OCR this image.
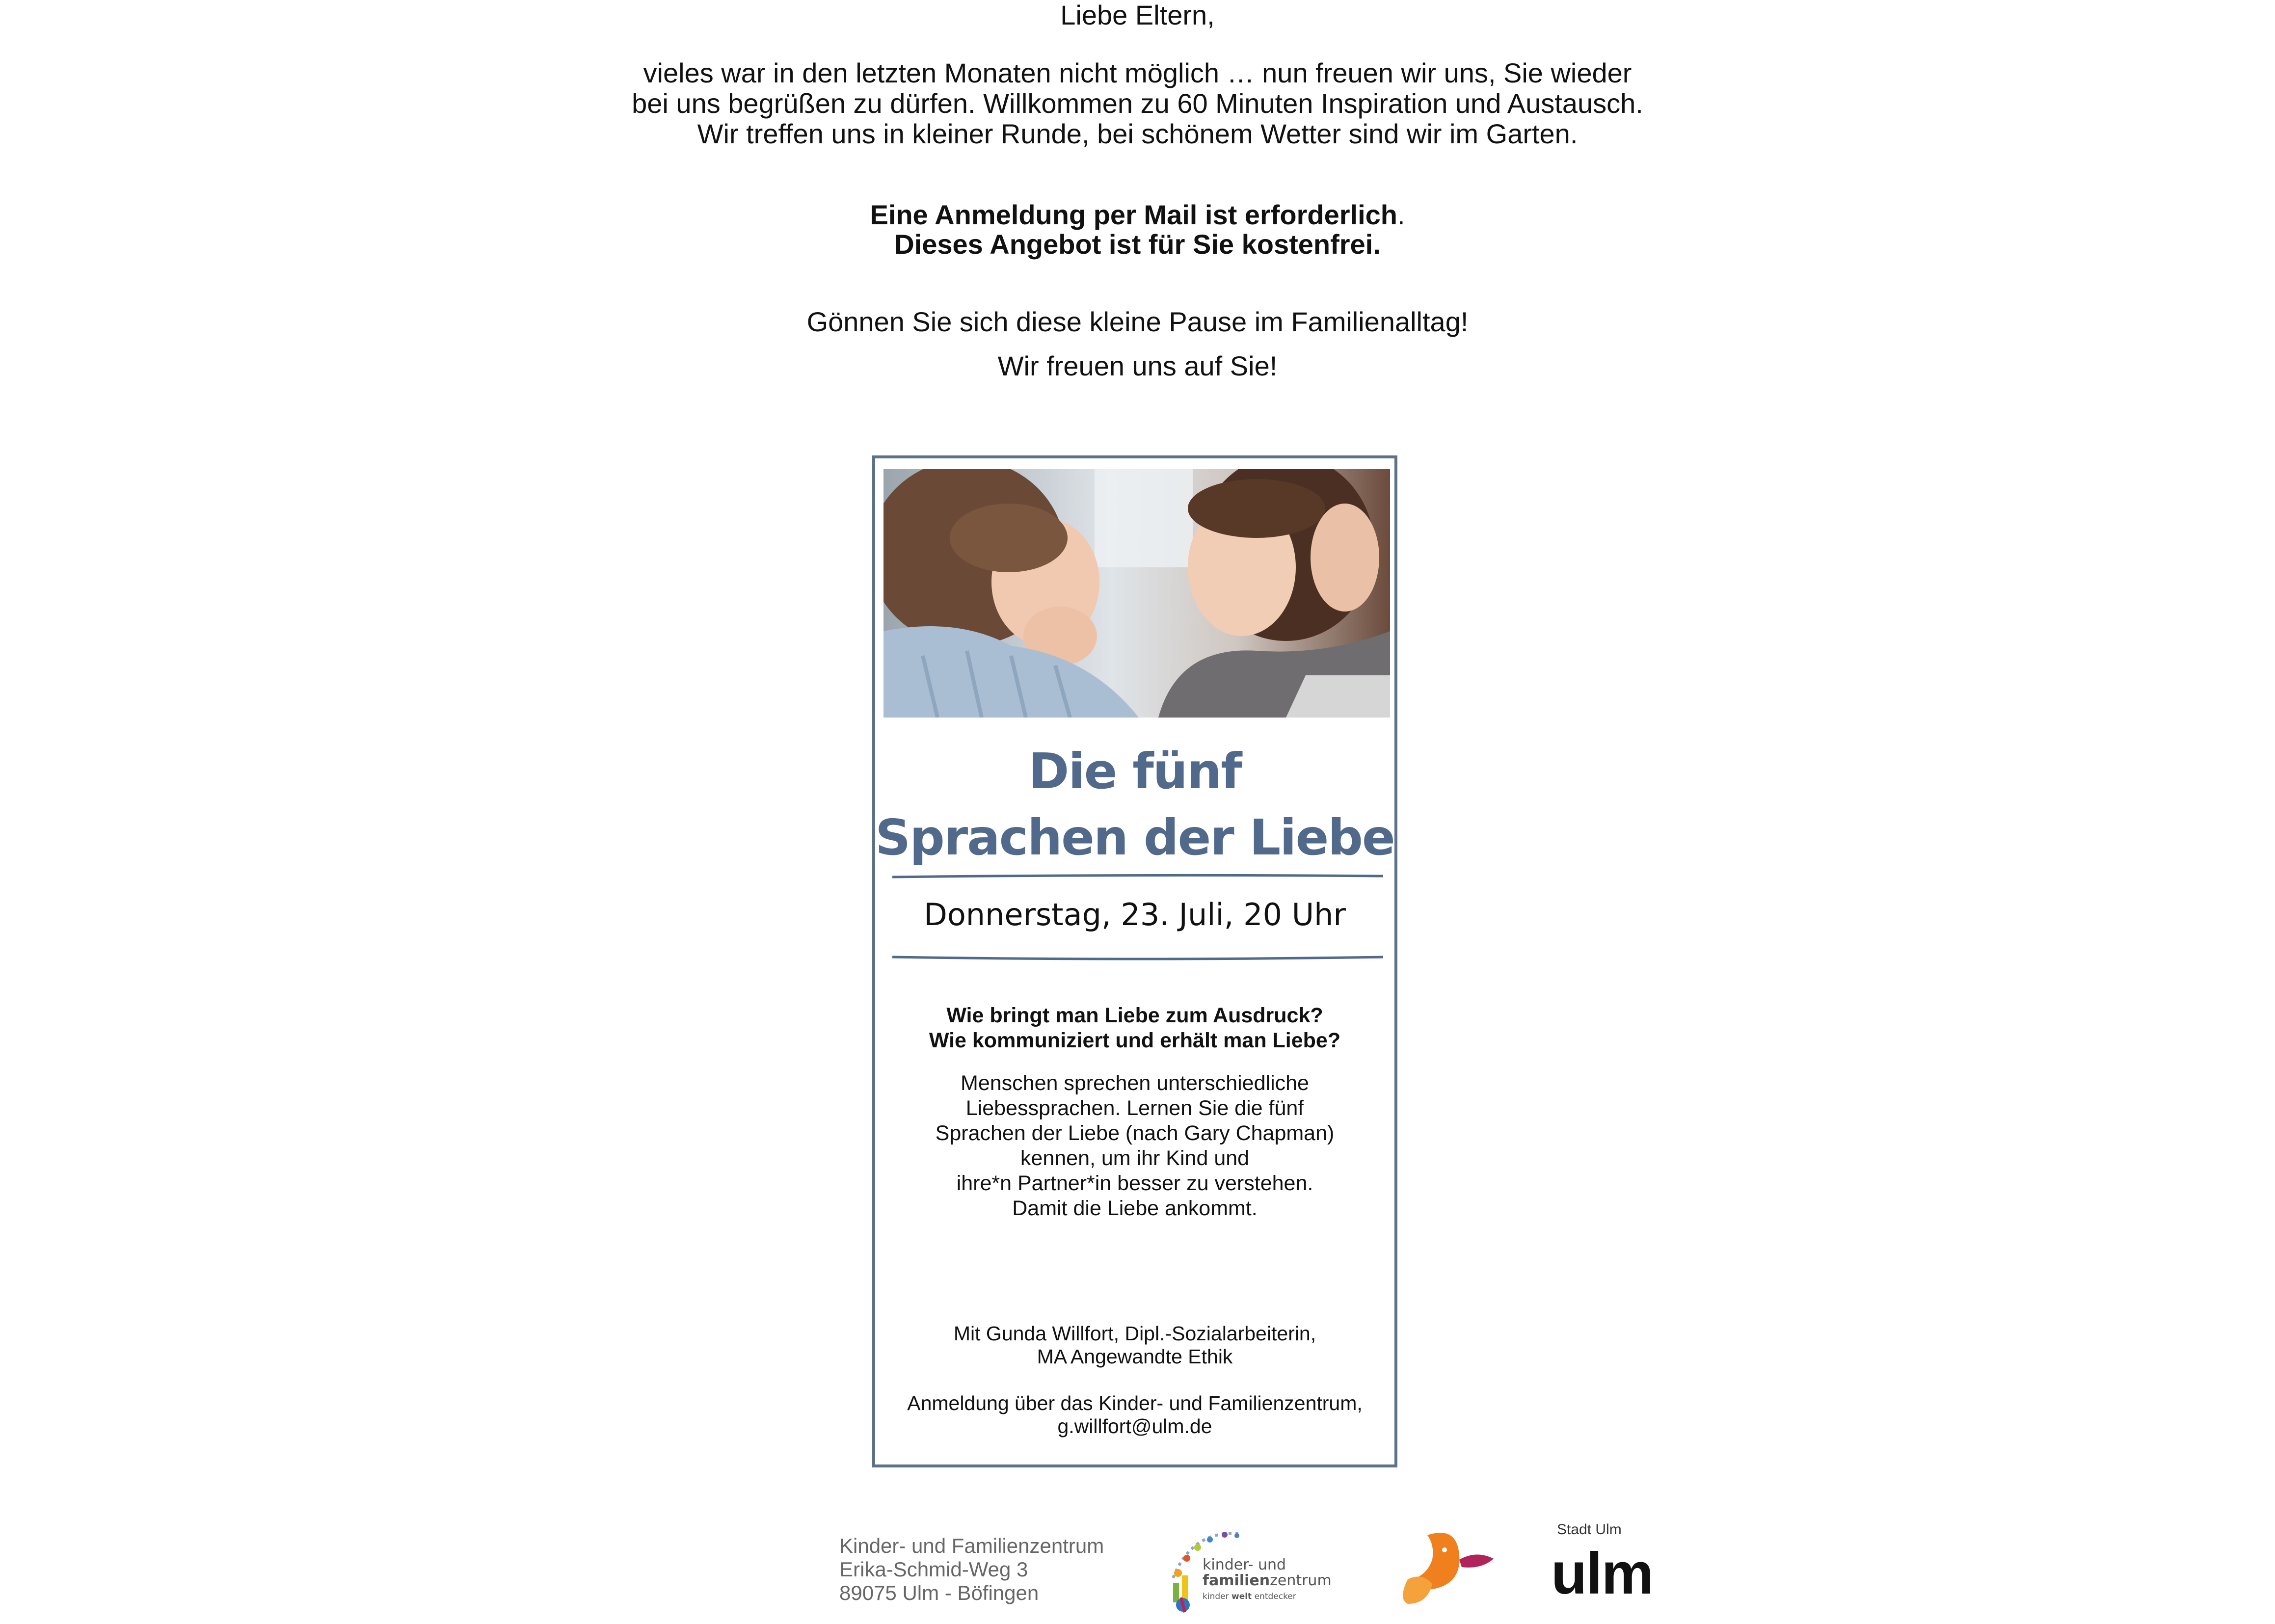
Liebe Eltern,

vieles war in den letzten Monaten nicht möglich … nun freuen wir uns, Sie wieder

bei uns begrüßen zu dürfen. Willkommen zu 60 Minuten Inspiration und Austausch.

Wir treffen uns in kleiner Runde, bei schönem Wetter sind wir im Garten.

Eine Anmeldung per Mail ist erforderlich.

Dieses Angebot ist für Sie kostenfrei.

Gönnen Sie sich diese kleine Pause im Familienalltag!

Wir freuen uns auf Sie!

Die fünf
Sprachen der Liebe
Donnerstag, 23. Juli, 20 Uhr
Wie bringt man Liebe zum Ausdruck?
Wie kommuniziert und erhält man Liebe?
Menschen sprechen unterschiedliche
Liebessprachen. Lernen Sie die fünf
Sprachen der Liebe (nach Gary Chapman)
kennen, um ihr Kind und
ihre*n Partner*in besser zu verstehen.
Damit die Liebe ankommt.
Mit Gunda Willfort, Dipl.-Sozialarbeiterin,
MA Angewandte Ethik
Anmeldung über das Kinder- und Familienzentrum,
g.willfort@ulm.de
Kinder- und Familienzentrum
Erika-Schmid-Weg 3
89075 Ulm - Böfingen
kinder- und
familienzentrum
kinder welt entdecker
Stadt Ulm
ulm
